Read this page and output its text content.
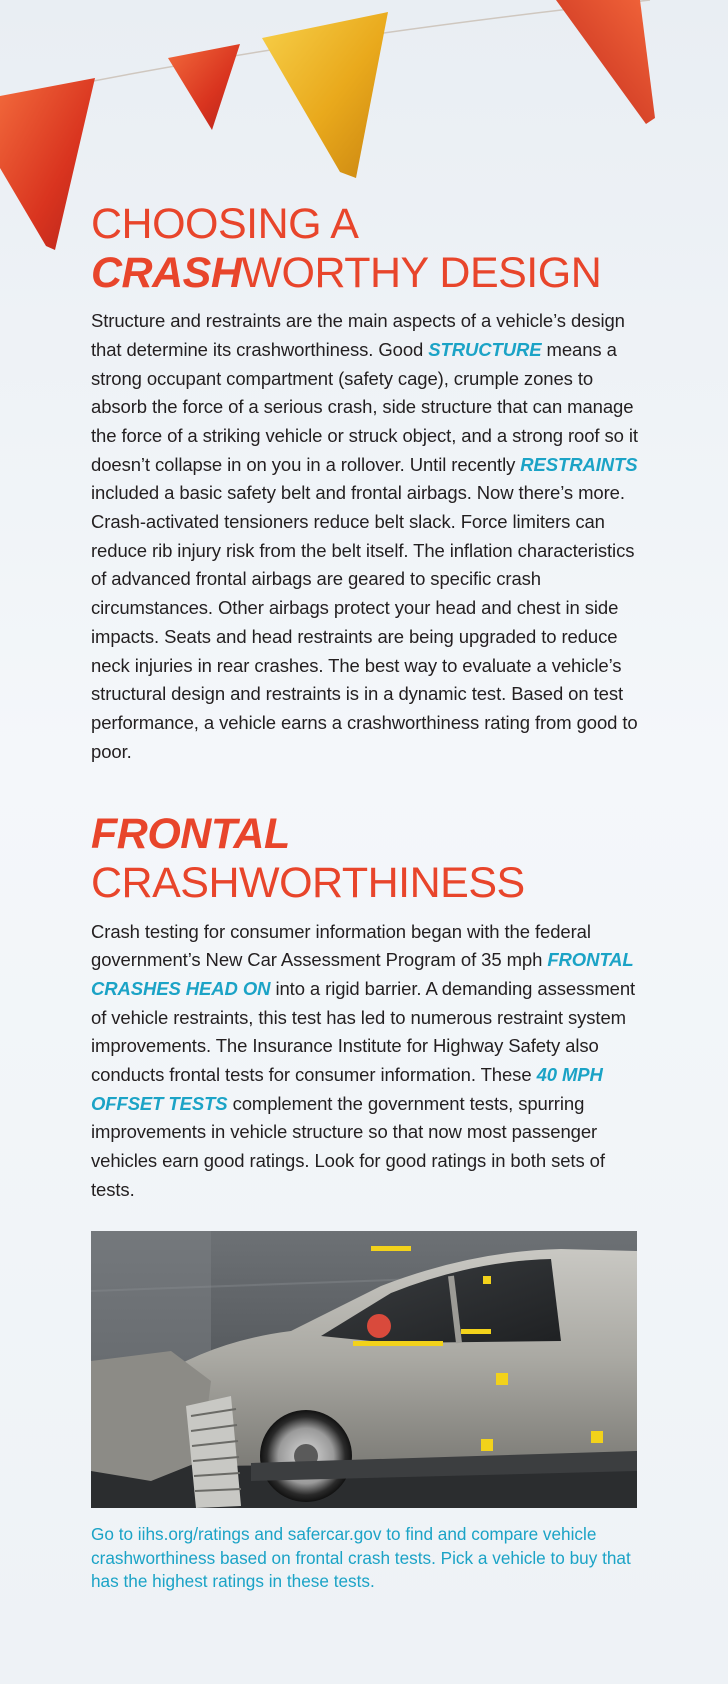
CHOOSING A
CRASHWORTHY DESIGN

Structure and restraints are the main aspects of a vehicle’s design that determine its crashworthiness. Good STRUCTURE means a strong occupant compartment (safety cage), crumple zones to absorb the force of a serious crash, side structure that can manage the force of a striking vehicle or struck object, and a strong roof so it doesn’t collapse in on you in a rollover. Until recently RESTRAINTS included a basic safety belt and frontal airbags. Now there’s more. Crash-activated tensioners reduce belt slack. Force limiters can reduce rib injury risk from the belt itself. The inflation characteristics of advanced frontal airbags are geared to specific crash circumstances. Other airbags protect your head and chest in side impacts. Seats and head restraints are being upgraded to reduce neck injuries in rear crashes. The best way to evaluate a vehicle’s structural design and restraints is in a dynamic test. Based on test performance, a vehicle earns a crashworthiness rating from good to poor.

FRONTAL
CRASHWORTHINESS

Crash testing for consumer information began with the federal government’s New Car Assessment Program of 35 mph FRONTAL CRASHES HEAD ON into a rigid barrier. A demanding assessment of vehicle restraints, this test has led to numerous restraint system improvements. The Insurance Institute for Highway Safety also conducts frontal tests for consumer information. These 40 MPH OFFSET TESTS complement the government tests, spurring improvements in vehicle structure so that now most passenger vehicles earn good ratings. Look for good ratings in both sets of tests.

Go to iihs.org/ratings and safercar.gov to find and compare vehicle crashworthiness based on frontal crash tests. Pick a vehicle to buy that has the highest ratings in these tests.
